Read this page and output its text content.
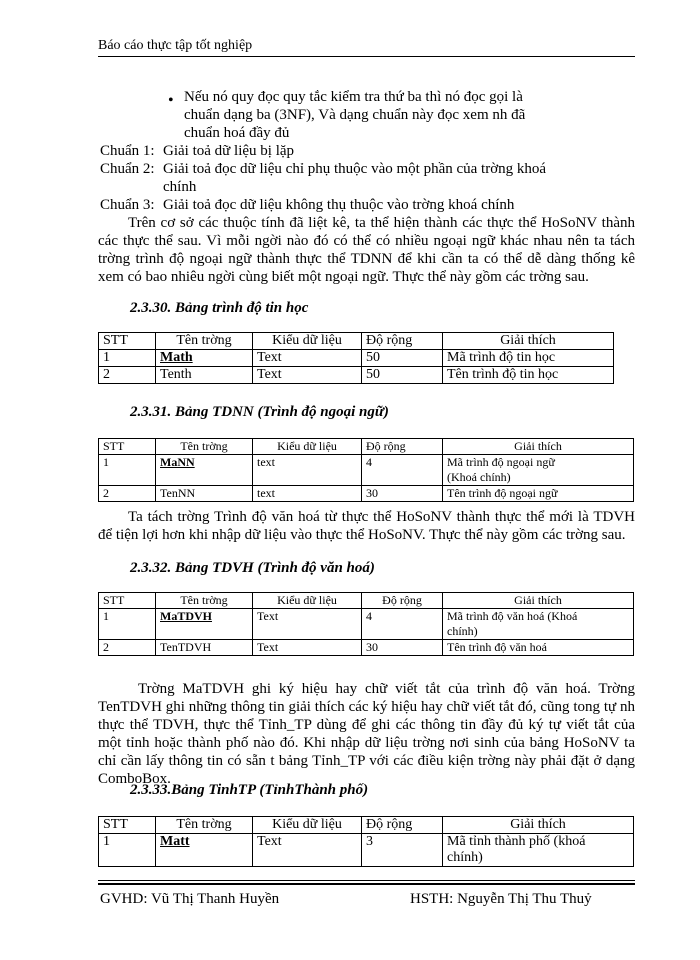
Báo cáo thực tập tốt nghiệp
• Nếu nó quy đọc quy tắc kiểm tra thứ ba thì nó đọc gọi là
chuẩn dạng ba (3NF), Và dạng chuẩn này đọc xem nh đã
chuẩn hoá đầy đủ
Chuẩn 1: Giải toả dữ liệu bị lặp
Chuẩn 2: Giải toả đọc dữ liệu chỉ phụ thuộc vào một phần của trờng khoá
chính
Chuẩn 3: Giải toả đọc dữ liệu không thụ thuộc vào trờng khoá chính
Trên cơ sở các thuộc tính đã liệt kê, ta thể hiện thành các thực thể HoSoNV thành các thực thể sau. Vì mỗi ngời nào đó có thể có nhiều ngoại ngữ khác nhau nên ta tách trờng trình độ ngoại ngữ thành thực thể TDNN để khi cần ta có thể dễ dàng thống kê xem có bao nhiêu ngời cùng biết một ngoại ngữ. Thực thể này gồm các trờng sau.
2.3.30. Bảng trình độ tin học
STT	Tên trờng	Kiểu dữ liệu	Độ rộng	Giải thích
1	Math	Text	50	Mã trình độ tin học
2	Tenth	Text	50	Tên trình độ tin học
2.3.31. Bảng TDNN (Trình độ ngoại ngữ)
STT	Tên trờng	Kiểu dữ liệu	Độ rộng	Giải thích
1	MaNN	text	4	Mã trình độ ngoại ngữ
(Khoá chính)

2	TenNN	text	30	Tên trình độ ngoại ngữ
Ta tách trờng Trình độ văn hoá từ thực thể HoSoNV thành thực thể mới là TDVH để tiện lợi hơn khi nhập dữ liệu vào thực thể HoSoNV. Thực thể này gồm các trờng sau.
2.3.32. Bảng TDVH (Trình độ văn hoá)
STT	Tên trờng	Kiểu dữ liệu	Độ rộng	Giải thích
1	MaTDVH	Text	4	Mã trình độ văn hoá (Khoá
chính)

2	TenTDVH	Text	30	Tên trình độ văn hoá
Trờng MaTDVH ghi ký hiệu hay chữ viết tắt của trình độ văn hoá. Trờng TenTDVH ghi những thông tin giải thích các ký hiệu hay chữ viết tắt đó, cũng tong tự nh thực thể TDVH, thực thể Tỉnh_TP dùng để ghi các thông tin đầy đủ ký tự viết tắt của một tỉnh hoặc thành phố nào đó. Khi nhập dữ liệu trờng nơi sinh của bảng HoSoNV ta chỉ cần lấy thông tin có sẵn t bảng Tỉnh_TP với các điều kiện trờng này phải đặt ở dạng ComboBox.
2.3.33.Bảng TinhTP (TỉnhThành phố)
STT	Tên trờng	Kiểu dữ liệu	Độ rộng	Giải thích
1	Matt	Text	3	Mã tỉnh thành phố (khoá
chính)
GVHD: Vũ Thị Thanh Huyền	HSTH: Nguyễn Thị Thu Thuỷ
